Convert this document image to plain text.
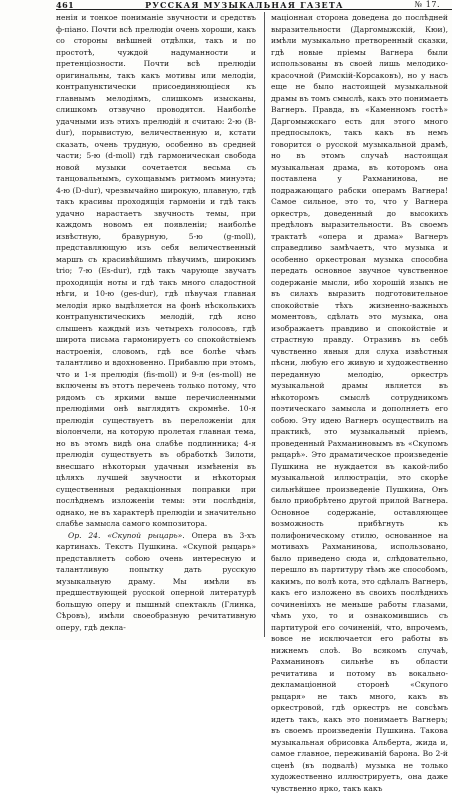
461	РУССКАЯ МУЗЫКАЛЬНАЯ ГАЗЕТА	№ 17.

ненія и тонкое пониманіе звучности и средствъ ф-піано. Почти всѣ прелюдіи очень хороши, какъ со стороны внѣшней отдѣлки, такъ и по простотѣ, чуждой надуманности и претенціозности. Почти всѣ прелюдіи оригинальны, такъ какъ мотивы или мелодіи, контрапунктически присоединяющіеся къ главнымъ мелодіямъ, слишкомъ изысканы, слишкомъ отзвучно проводятся. Наиболѣе удачными изъ этихъ прелюдій я считаю: 2-ю (B-dur), порывистую, величественную и, кстати сказать, очень трудную, особенно въ средней части; 5-ю (d-moll) гдѣ гармоническая свобода новой музыки сочетается весьма съ танцовальнымъ, сухощавымъ ритмомъ минуэта; 4-ю (D-dur), чрезвычайно широкую, плавную, гдѣ такъ красивы проходящія гармоніи и гдѣ такъ удачно нарастаетъ звучность темы, при каждомъ новомъ ея появленіи; наиболѣе извѣстную, бравурную, 5-ю (g-moll), представляющую изъ себя величественный маршъ съ красивѣйшимъ пѣвучимъ, широкимъ trio; 7-ю (Es-dur), гдѣ такъ чарующе звучатъ проходящія ноты и гдѣ такъ много сладостной нѣги, и 10-ю (ges-dur), гдѣ пѣвучая главная мелодія ярко выдѣляется на фонѣ нѣсколькихъ контрапунктическихъ мелодій, гдѣ ясно слышенъ каждый изъ четырехъ голосовъ, гдѣ широта письма гармонируетъ со спокойствіемъ настроенія, словомъ, гдѣ все болѣе чѣмъ талантливо и вдохновенно. Прибавлю при этомъ, что и 1-я прелюдія (fis-moll) и 9-я (es-moll) не включены въ этотъ перечень только потому, что рядомъ съ яркими выше перечисленными прелюдіями онѣ выглядятъ скромнѣе. 10-я прелюдія существуетъ въ переложеніи для віолончели, на которую пролетая главная тема, но въ этомъ видѣ она слабѣе подлинника; 4-я прелюдія существуетъ въ обработкѣ Зилоти, внесшаго нѣкоторыя удачныя измѣненія въ цѣляхъ лучшей звучности и нѣкоторыя существенныя редакціонныя поправки при послѣднемъ изложеніи темы: эти послѣднія, однако, не въ характерѣ прелюдіи и значительно слабѣе замысла самого композитора.

Ор. 24. «Скупой рыцарь». Опера въ 3-хъ картинахъ. Текстъ Пушкина. «Скупой рыцарь» представляетъ собою очень интересную и талантливую попытку дать русскую музыкальную драму. Мы имѣли въ предшествующей русской оперной литературѣ большую оперу и пышный спектакль (Глинка, Сѣровъ), имѣли своеобразную речитативную оперу, гдѣ декла-

маціонная сторона доведена до послѣдней выразительности (Даргомыжскій, Кюи), имѣли музыкально претворенный сказки, гдѣ новые пріемы Вагнера были использованы въ своей лишь мелодико-красочной (Римскій-Корсаковъ), но у насъ еще не было настоящей музыкальной драмы въ томъ смыслѣ, какъ это понимаетъ Вагнеръ. Правда, въ «Каменномъ гостѣ» Даргомыжскаго есть для этого много предпосылокъ, такъ какъ въ немъ говорится о русской музыкальной драмѣ, но въ этомъ случаѣ настоящая музыкальная драма, въ которомъ она поставлена у Рахманинова, не подражающаго рабски операмъ Вагнера! Самое сильное, это то, что у Вагнера оркестръ, доведенный до высокихъ предѣловъ выразительности. Въ своемъ трактатѣ «опера и драма» Вагнеръ справедливо замѣчаетъ, что музыка и особенно оркестровая музыка способна передать основное звучное чувственное содержаніе мысли, ибо хорошій языкъ не въ силахъ выразить подготовительное спокойствіе тѣхъ жизненно-важныхъ моментовъ, сдѣлать это музыка, она изображаетъ правдиво и спокойствіе и страстную правду. Отразивъ въ себѣ чувственно явныя для слуха извѣстныя пѣсни, любую его живую и художественно переданную мелодію, оркестръ музыкальной драмы является въ нѣкоторомъ смыслѣ сотрудникомъ поэтическаго замысла и дополняетъ его собою. Эту идею Вагнеръ осуществилъ на практикѣ, это музыкальный пріемъ, проведенный Рахманиновымъ въ «Скупомъ рыцарѣ». Это драматическое произведеніе Пушкина не нуждается въ какой-либо музыкальной иллюстраціи, это скорѣе сильнѣйшее произведеніе Пушкина, Онъ было приобрѣтено другой прилой Вагнера. Основное содержаніе, оставляющее возможность прибѣгнуть къ полифоническому стилю, основанное на мотивахъ Рахманинова, использовано, было приведено сюда и, слѣдовательно, перешло въ партитуру тѣмъ же способомъ, какимъ, по волѣ кота, это сдѣлалъ Вагнеръ, какъ его изложено въ своихъ послѣднихъ сочиненіяхъ не меньше работы глазами, чѣмъ ухо, то и ознакомившись съ партитурой его сочиненій, что, впрочемъ, вовсе не исключается его работы въ нижнемъ слоѣ. Во всякомъ случаѣ, Рахманиновъ сильнѣе въ области речитатива и потому въ вокально-декламаціонной сторонѣ «Скупого рыцаря» не такъ много, какъ въ оркестровой, гдѣ оркестръ не совсѣмъ идетъ такъ, какъ это понимаетъ Вагнеръ; въ своемъ произведеніи Пушкина. Такова музыкальная обрисовка Альберта, жида и, самое главное, переживаній барона. Во 2-й сценѣ (въ подвалѣ) музыка не только художественно иллюстрируетъ, она даже чувственно ярко, такъ какъ
